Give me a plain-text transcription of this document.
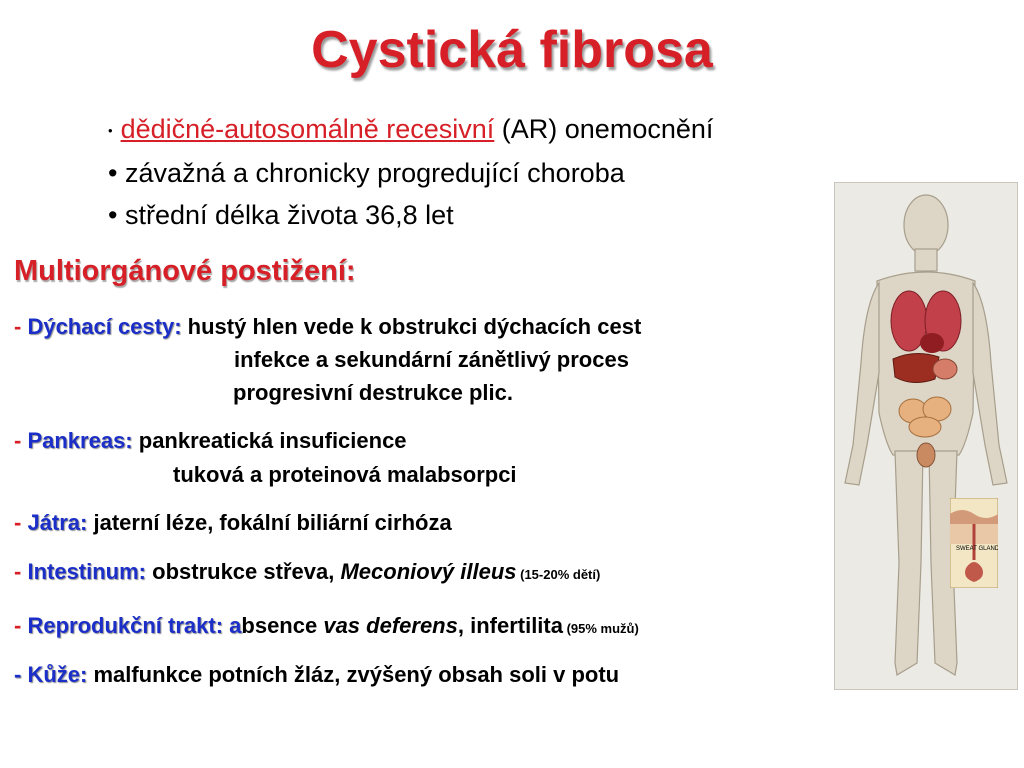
Cystická fibrosa
• dědičné-autosomálně recesivní (AR) onemocnění
• závažná a chronicky progredující choroba
• střední délka života 36,8 let
Multiorgánové postižení:
- Dýchací cesty: hustý hlen vede k obstrukci dýchacích cest
infekce a sekundární zánětlivý proces
progresivní destrukce plic.
- Pankreas: pankreatická insuficience
tuková a proteinová malabsorpci
- Játra: jaterní léze, fokální biliární cirhóza
- Intestinum: obstrukce střeva, Meconiový illeus (15-20% dětí)
- Reprodukční trakt: absence vas deferens, infertilita (95% mužů)
- Kůže: malfunkce potních žláz, zvýšený obsah soli v potu
SWEAT GLAND
